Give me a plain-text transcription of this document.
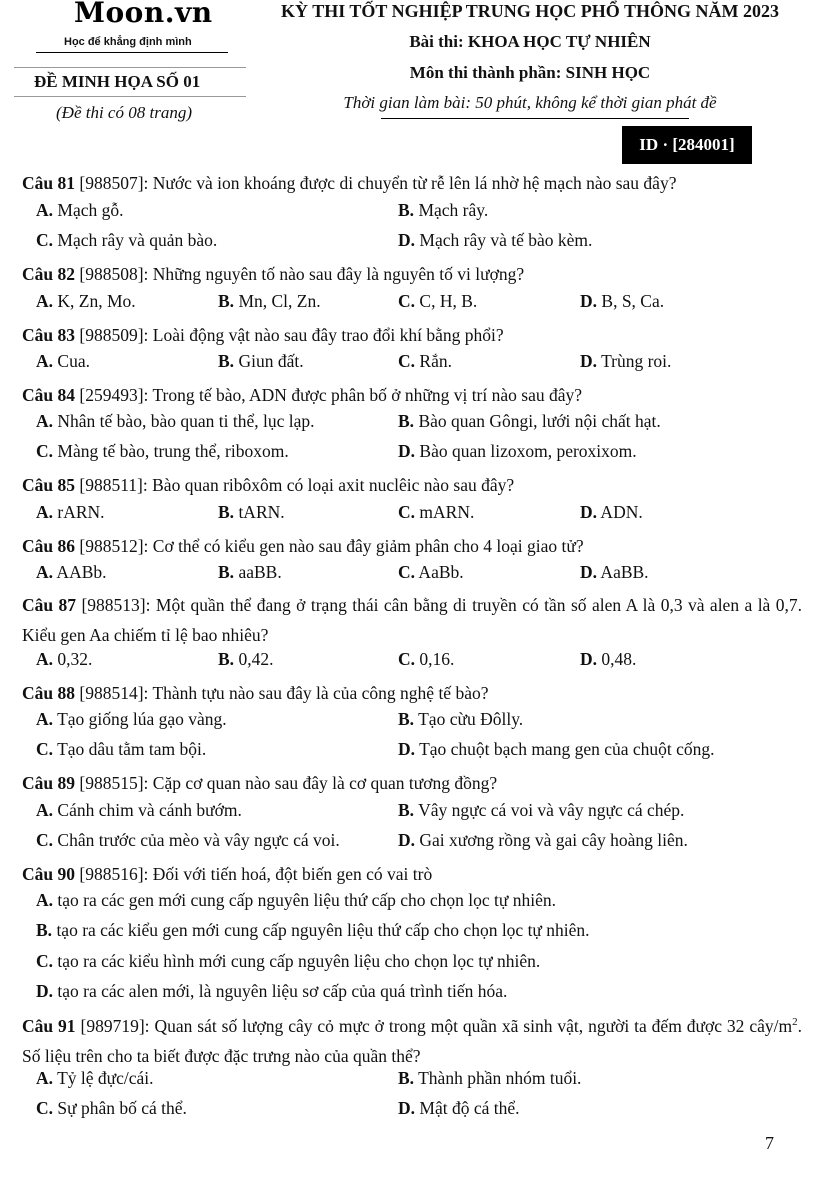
Moon.vn
Học để khẳng định mình
ĐỀ MINH HỌA SỐ 01
(Đề thi có 08 trang)
KỲ THI TỐT NGHIỆP TRUNG HỌC PHỔ THÔNG NĂM 2023
Bài thi: KHOA HỌC TỰ NHIÊN
Môn thi thành phần: SINH HỌC
Thời gian làm bài: 50 phút, không kể thời gian phát đề
ID · [284001]
Câu 81 [988507]: Nước và ion khoáng được di chuyển từ rễ lên lá nhờ hệ mạch nào sau đây?
A. Mạch gỗ.	B. Mạch rây.
C. Mạch rây và quản bào.	D. Mạch rây và tế bào kèm.
Câu 82 [988508]: Những nguyên tố nào sau đây là nguyên tố vi lượng?
A. K, Zn, Mo.	B. Mn, Cl, Zn.	C. C, H, B.	D. B, S, Ca.
Câu 83 [988509]: Loài động vật nào sau đây trao đổi khí bằng phổi?
A. Cua.	B. Giun đất.	C. Rắn.	D. Trùng roi.
Câu 84 [259493]: Trong tế bào, ADN được phân bố ở những vị trí nào sau đây?
A. Nhân tế bào, bào quan ti thể, lục lạp.	B. Bào quan Gôngi, lưới nội chất hạt.
C. Màng tế bào, trung thể, riboxom.	D. Bào quan lizoxom, peroxixom.
Câu 85 [988511]: Bào quan ribôxôm có loại axit nuclêic nào sau đây?
A. rARN.	B. tARN.	C. mARN.	D. ADN.
Câu 86 [988512]: Cơ thể có kiểu gen nào sau đây giảm phân cho 4 loại giao tử?
A. AABb.	B. aaBB.	C. AaBb.	D. AaBB.
Câu 87 [988513]: Một quần thể đang ở trạng thái cân bằng di truyền có tần số alen A là 0,3 và alen a là 0,7. Kiểu gen Aa chiếm tỉ lệ bao nhiêu?
A. 0,32.	B. 0,42.	C. 0,16.	D. 0,48.
Câu 88 [988514]: Thành tựu nào sau đây là của công nghệ tế bào?
A. Tạo giống lúa gạo vàng.	B. Tạo cừu Đôlly.
C. Tạo dâu tằm tam bội.	D. Tạo chuột bạch mang gen của chuột cống.
Câu 89 [988515]: Cặp cơ quan nào sau đây là cơ quan tương đồng?
A. Cánh chim và cánh bướm.	B. Vây ngực cá voi và vây ngực cá chép.
C. Chân trước của mèo và vây ngực cá voi.	D. Gai xương rồng và gai cây hoàng liên.
Câu 90 [988516]: Đối với tiến hoá, đột biến gen có vai trò
A. tạo ra các gen mới cung cấp nguyên liệu thứ cấp cho chọn lọc tự nhiên.
B. tạo ra các kiểu gen mới cung cấp nguyên liệu thứ cấp cho chọn lọc tự nhiên.
C. tạo ra các kiểu hình mới cung cấp nguyên liệu cho chọn lọc tự nhiên.
D. tạo ra các alen mới, là nguyên liệu sơ cấp của quá trình tiến hóa.
Câu 91 [989719]: Quan sát số lượng cây cỏ mực ở trong một quần xã sinh vật, người ta đếm được 32 cây/$m^2$. Số liệu trên cho ta biết được đặc trưng nào của quần thể?
A. Tỷ lệ đực/cái.	B. Thành phần nhóm tuổi.
C. Sự phân bố cá thể.	D. Mật độ cá thể.
7
